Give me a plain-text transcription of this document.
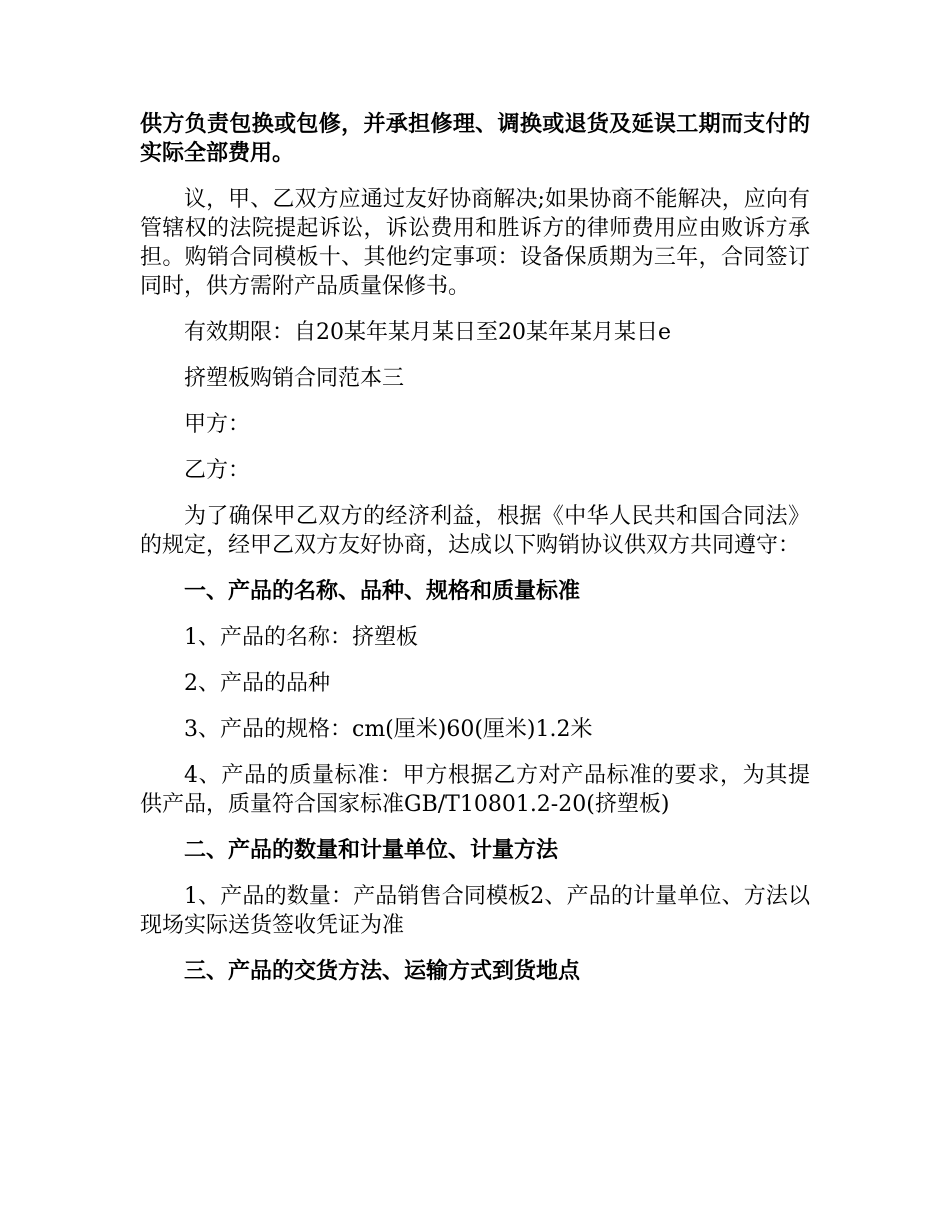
供方负责包换或包修，并承担修理、调换或退货及延误工期而支付的实际全部费用。

议，甲、乙双方应通过友好协商解决;如果协商不能解决，应向有管辖权的法院提起诉讼，诉讼费用和胜诉方的律师费用应由败诉方承担。购销合同模板十、其他约定事项：设备保质期为三年，合同签订同时，供方需附产品质量保修书。

有效期限：自20某年某月某日至20某年某月某日e

挤塑板购销合同范本三

甲方：

乙方：

为了确保甲乙双方的经济利益，根据《中华人民共和国合同法》的规定，经甲乙双方友好协商，达成以下购销协议供双方共同遵守：

一、产品的名称、品种、规格和质量标准

1、产品的名称：挤塑板

2、产品的品种

3、产品的规格：cm(厘米)60(厘米)1.2米

4、产品的质量标准：甲方根据乙方对产品标准的要求，为其提供产品，质量符合国家标准GB/T10801.2-20(挤塑板)

二、产品的数量和计量单位、计量方法

1、产品的数量：产品销售合同模板2、产品的计量单位、方法以现场实际送货签收凭证为准

三、产品的交货方法、运输方式到货地点
